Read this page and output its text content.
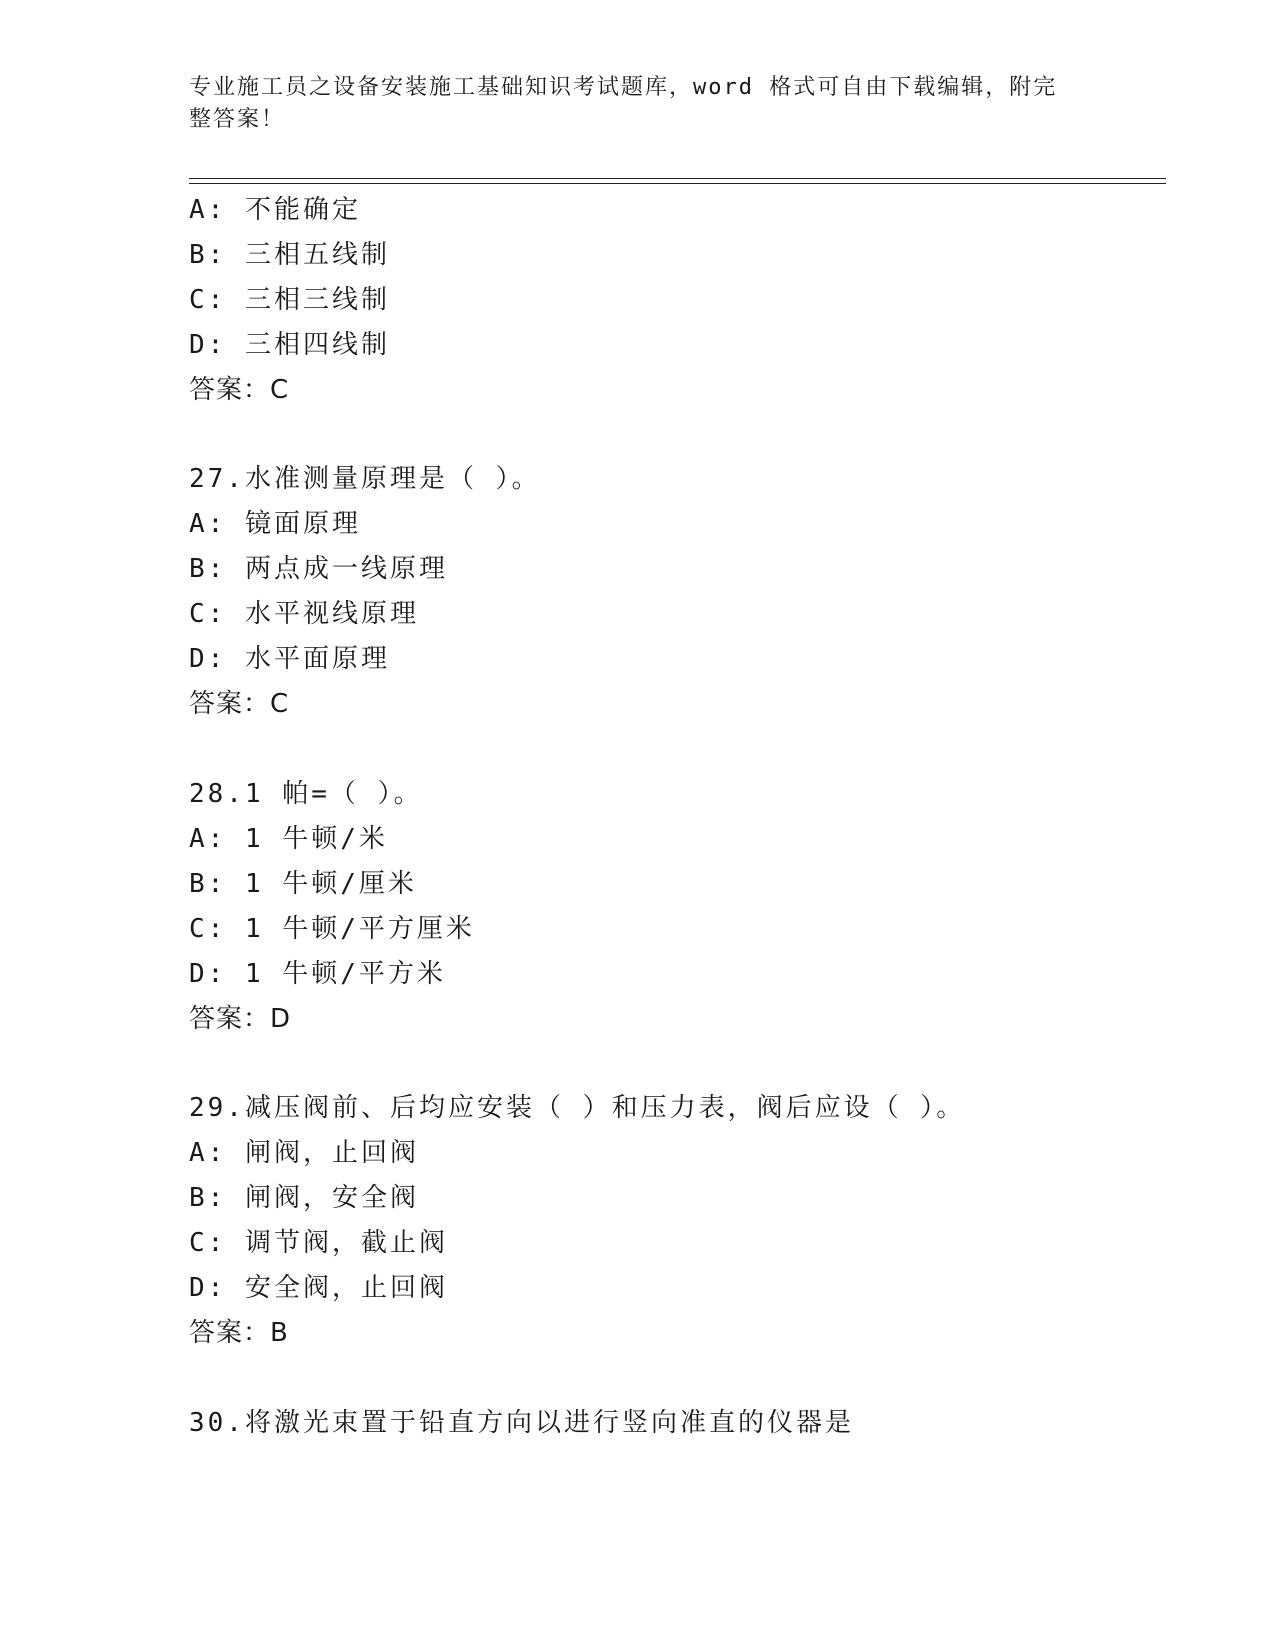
专业施工员之设备安装施工基础知识考试题库，word 格式可自由下载编辑，附完
整答案！
A: 不能确定
B: 三相五线制
C: 三相三线制
D: 三相四线制
答案：C
27.水准测量原理是（ ）。
A: 镜面原理
B: 两点成一线原理
C: 水平视线原理
D: 水平面原理
答案：C
28.1 帕=（ ）。
A: 1 牛顿/米
B: 1 牛顿/厘米
C: 1 牛顿/平方厘米
D: 1 牛顿/平方米
答案：D
29.减压阀前、后均应安装（ ）和压力表，阀后应设（ ）。
A: 闸阀，止回阀
B: 闸阀，安全阀
C: 调节阀，截止阀
D: 安全阀，止回阀
答案：B
30.将激光束置于铅直方向以进行竖向准直的仪器是
